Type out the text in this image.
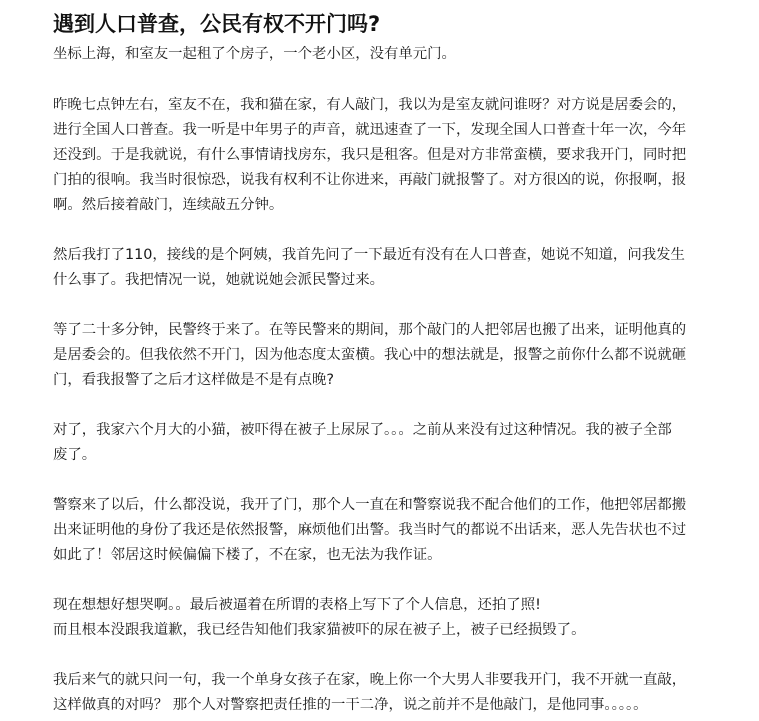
遇到人口普查，公民有权不开门吗?

坐标上海，和室友一起租了个房子，一个老小区，没有单元门。

昨晚七点钟左右，室友不在，我和猫在家，有人敲门，我以为是室友就问谁呀？对方说是居委会的，
进行全国人口普查。我一听是中年男子的声音，就迅速查了一下，发现全国人口普查十年一次，今年
还没到。于是我就说，有什么事情请找房东，我只是租客。但是对方非常蛮横，要求我开门，同时把
门拍的很响。我当时很惊恐，说我有权利不让你进来，再敲门就报警了。对方很凶的说，你报啊，报
啊。然后接着敲门，连续敲五分钟。

然后我打了110，接线的是个阿姨，我首先问了一下最近有没有在人口普查，她说不知道，问我发生
什么事了。我把情况一说，她就说她会派民警过来。

等了二十多分钟，民警终于来了。在等民警来的期间，那个敲门的人把邻居也搬了出来，证明他真的
是居委会的。但我依然不开门，因为他态度太蛮横。我心中的想法就是，报警之前你什么都不说就砸
门，看我报警了之后才这样做是不是有点晚?

对了，我家六个月大的小猫，被吓得在被子上尿尿了。。。之前从来没有过这种情况。我的被子全部
废了。

警察来了以后，什么都没说，我开了门，那个人一直在和警察说我不配合他们的工作，他把邻居都搬
出来证明他的身份了我还是依然报警，麻烦他们出警。我当时气的都说不出话来，恶人先告状也不过
如此了！邻居这时候偏偏下楼了，不在家，也无法为我作证。

现在想想好想哭啊。。最后被逼着在所谓的表格上写下了个人信息，还拍了照!
而且根本没跟我道歉，我已经告知他们我家猫被吓的尿在被子上，被子已经损毁了。

我后来气的就只问一句，我一个单身女孩子在家，晚上你一个大男人非要我开门，我不开就一直敲，
这样做真的对吗？ 那个人对警察把责任推的一干二净，说之前并不是他敲门，是他同事。。。。。
